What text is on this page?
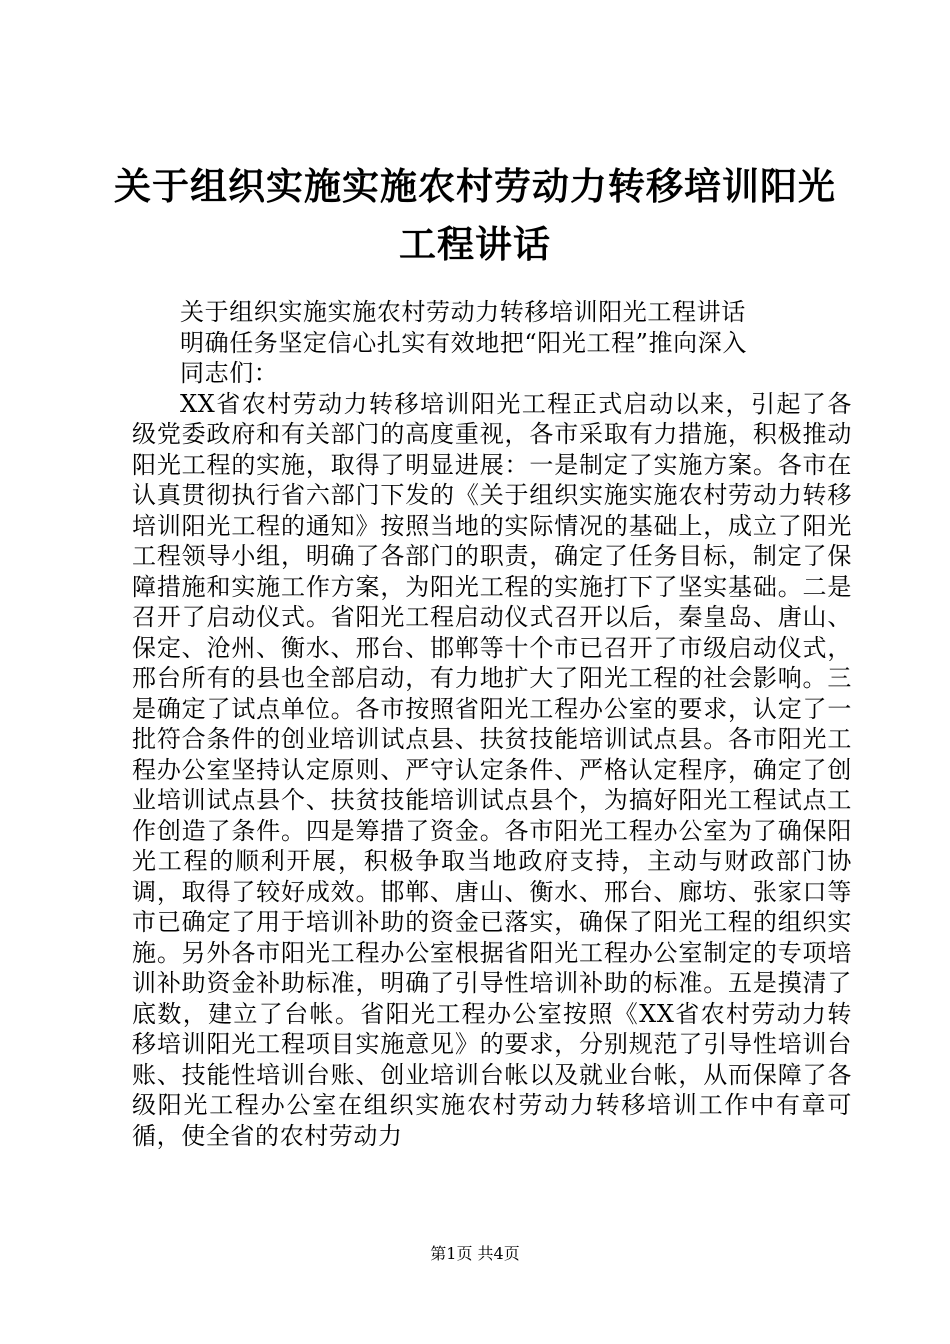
关于组织实施实施农村劳动力转移培训阳光工程讲话

关于组织实施实施农村劳动力转移培训阳光工程讲话

明确任务坚定信心扎实有效地把“阳光工程”推向深入

同志们：

XX省农村劳动力转移培训阳光工程正式启动以来，引起了各级党委政府和有关部门的高度重视，各市采取有力措施，积极推动阳光工程的实施，取得了明显进展：一是制定了实施方案。各市在认真贯彻执行省六部门下发的《关于组织实施实施农村劳动力转移培训阳光工程的通知》按照当地的实际情况的基础上，成立了阳光工程领导小组，明确了各部门的职责，确定了任务目标，制定了保障措施和实施工作方案，为阳光工程的实施打下了坚实基础。二是召开了启动仪式。省阳光工程启动仪式召开以后，秦皇岛、唐山、保定、沧州、衡水、邢台、邯郸等十个市已召开了市级启动仪式，邢台所有的县也全部启动，有力地扩大了阳光工程的社会影响。三是确定了试点单位。各市按照省阳光工程办公室的要求，认定了一批符合条件的创业培训试点县、扶贫技能培训试点县。各市阳光工程办公室坚持认定原则、严守认定条件、严格认定程序，确定了创业培训试点县个、扶贫技能培训试点县个，为搞好阳光工程试点工作创造了条件。四是筹措了资金。各市阳光工程办公室为了确保阳光工程的顺利开展，积极争取当地政府支持，主动与财政部门协调，取得了较好成效。邯郸、唐山、衡水、邢台、廊坊、张家口等市已确定了用于培训补助的资金已落实，确保了阳光工程的组织实施。另外各市阳光工程办公室根据省阳光工程办公室制定的专项培训补助资金补助标准，明确了引导性培训补助的标准。五是摸清了底数，建立了台帐。省阳光工程办公室按照《XX省农村劳动力转移培训阳光工程项目实施意见》的要求，分别规范了引导性培训台账、技能性培训台账、创业培训台帐以及就业台帐，从而保障了各级阳光工程办公室在组织实施农村劳动力转移培训工作中有章可循，使全省的农村劳动力

第1页 共4页
